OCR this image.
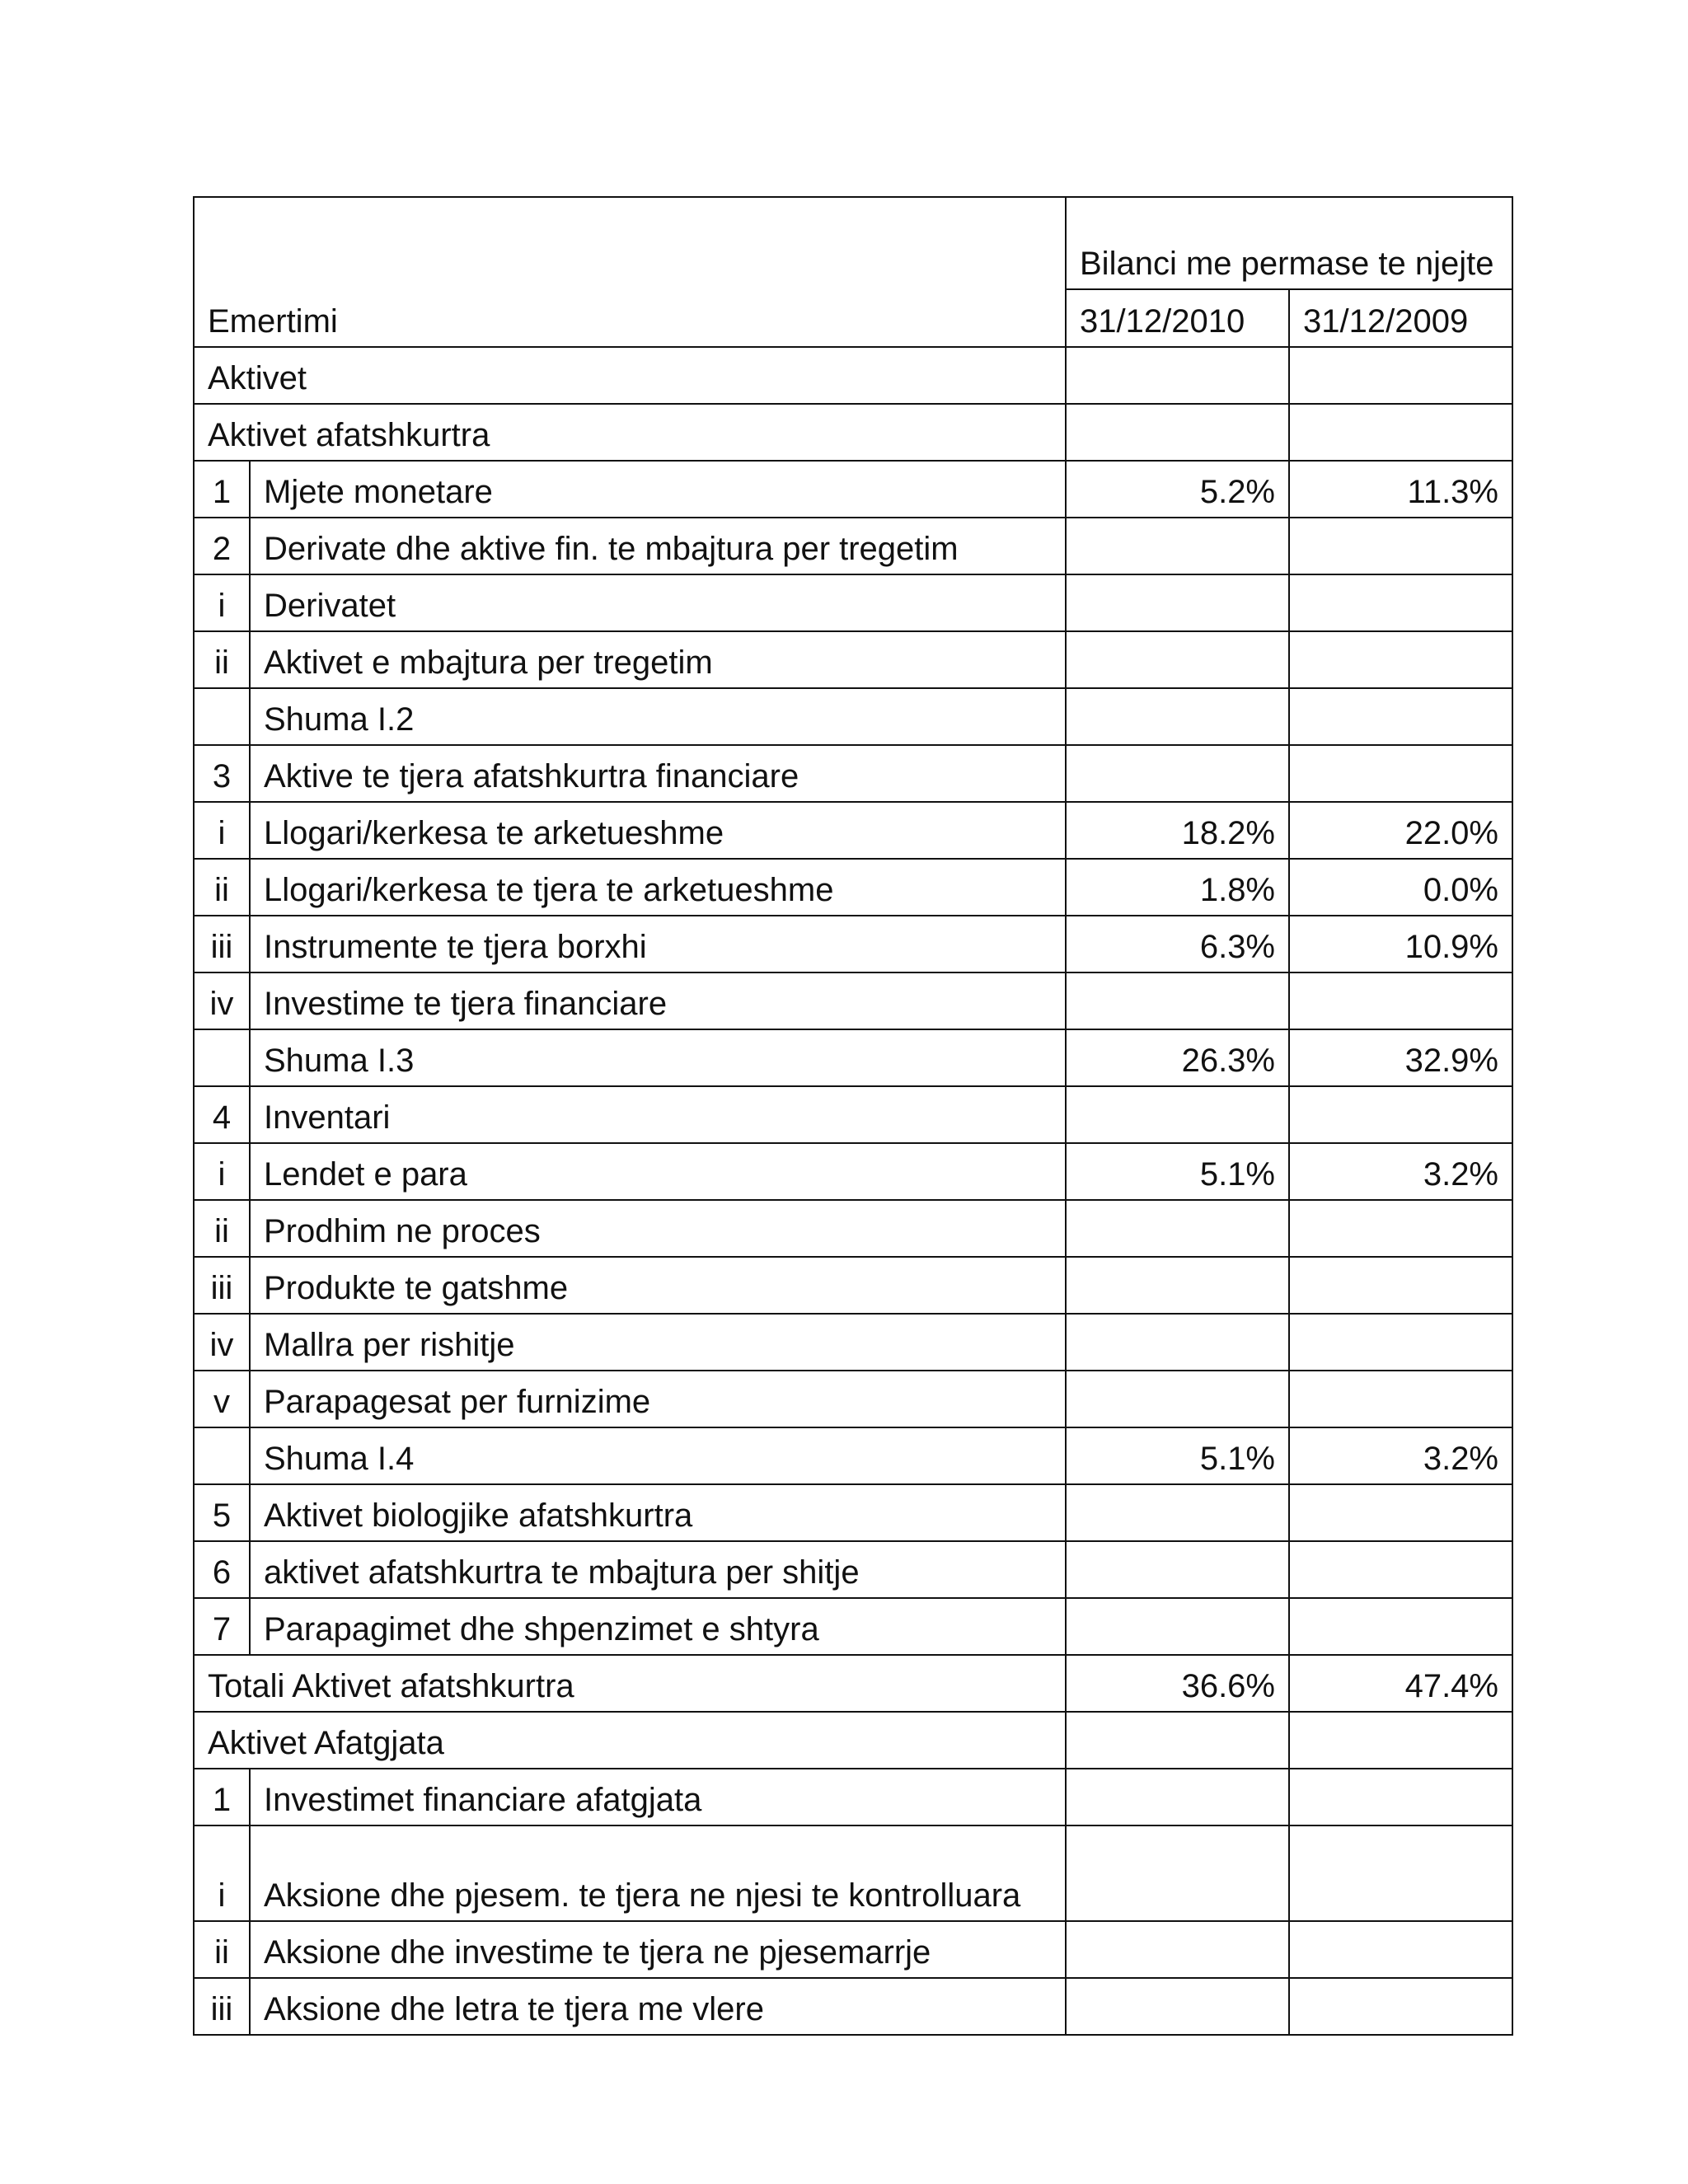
Emertimi		Bilanci me permase te njejte	
		31/12/2010	31/12/2009
Aktivet			
Aktivet afatshkurtra			
1	Mjete monetare	5.2%	11.3%
2	Derivate dhe aktive fin. te mbajtura per tregetim		
i	Derivatet		
ii	Aktivet e mbajtura per tregetim		
	Shuma I.2		
3	Aktive te tjera afatshkurtra financiare		
i	Llogari/kerkesa te arketueshme	18.2%	22.0%
ii	Llogari/kerkesa te tjera te arketueshme	1.8%	0.0%
iii	Instrumente te tjera borxhi	6.3%	10.9%
iv	Investime te tjera financiare		
	Shuma I.3	26.3%	32.9%
4	Inventari		
i	Lendet e para	5.1%	3.2%
ii	Prodhim ne proces		
iii	Produkte te gatshme		
iv	Mallra per rishitje		
v	Parapagesat per furnizime		
	Shuma I.4	5.1%	3.2%
5	Aktivet biologjike afatshkurtra		
6	aktivet afatshkurtra te mbajtura per shitje		
7	Parapagimet dhe shpenzimet e shtyra		
Totali Aktivet afatshkurtra		36.6%	47.4%
Aktivet Afatgjata			
1	Investimet financiare afatgjata		
i	Aksione dhe pjesem. te tjera ne njesi te kontrolluara		
ii	Aksione dhe investime te tjera ne pjesemarrje		
iii	Aksione dhe letra te tjera me vlere		
